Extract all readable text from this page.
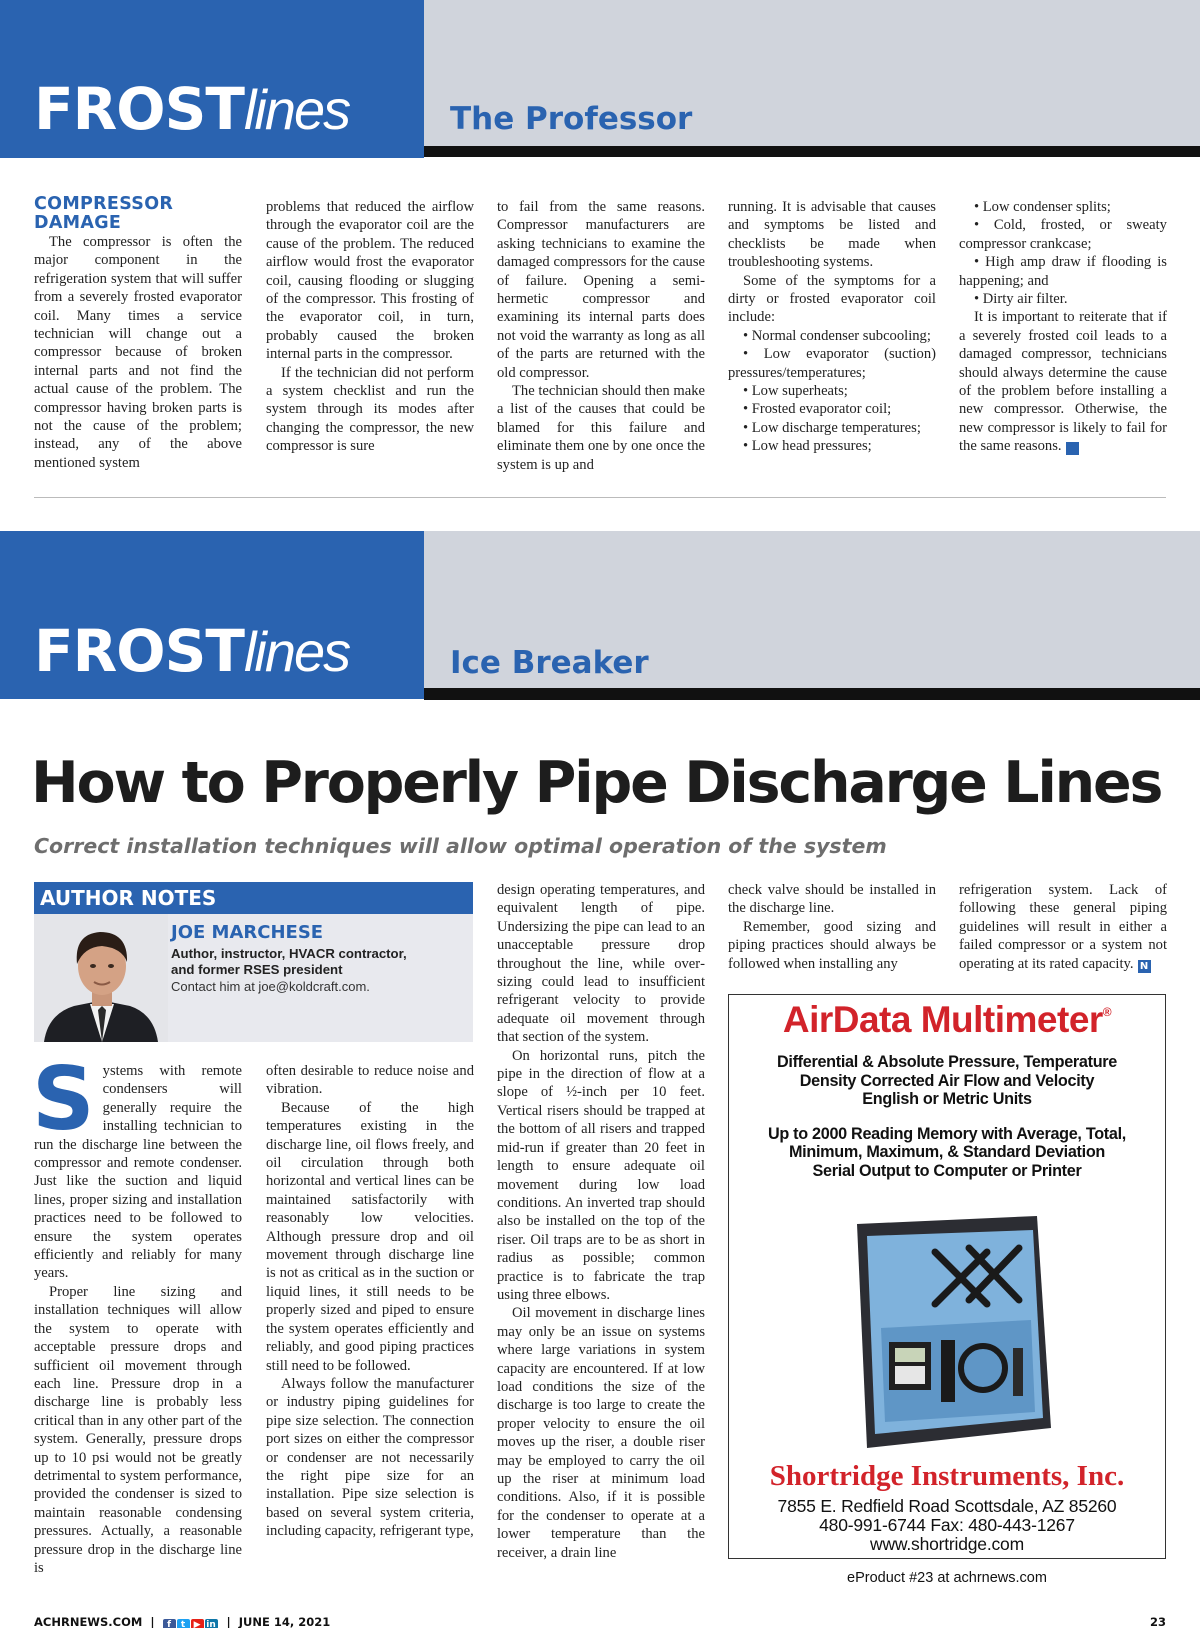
FROSTlines	The Professor
COMPRESSOR DAMAGE

The compressor is often the major component in the refrigeration system that will suffer from a severely frosted evaporator coil. Many times a service technician will change out a compressor because of broken internal parts and not find the actual cause of the problem. The compressor having broken parts is not the cause of the problem; instead, any of the above mentioned system

problems that reduced the airflow through the evaporator coil are the cause of the problem. The reduced airflow would frost the evaporator coil, causing flooding or slugging of the compressor. This frosting of the evaporator coil, in turn, probably caused the broken internal parts in the compressor.

If the technician did not perform a system checklist and run the system through its modes after changing the compressor, the new compressor is sure

to fail from the same reasons. Compressor manufacturers are asking technicians to examine the damaged compressors for the cause of failure. Opening a semi-hermetic compressor and examining its internal parts does not void the warranty as long as all of the parts are returned with the old compressor.

The technician should then make a list of the causes that could be blamed for this failure and eliminate them one by one once the system is up and

running. It is advisable that causes and symptoms be listed and checklists be made when troubleshooting systems.

Some of the symptoms for a dirty or frosted evaporator coil include:

• Normal condenser subcooling;

• Low evaporator (suction) pressures/temperatures;

• Low superheats;

• Frosted evaporator coil;

• Low discharge temperatures;

• Low head pressures;

• Low condenser splits;

• Cold, frosted, or sweaty compressor crankcase;

• High amp draw if flooding is happening; and

• Dirty air filter.

It is important to reiterate that if a severely frosted coil leads to a damaged compressor, technicians should always determine the cause of the problem before installing a new compressor. Otherwise, the new compressor is likely to fail for the same reasons. N

FROSTlines	Ice Breaker
How to Properly Pipe Discharge Lines
Correct installation techniques will allow optimal operation of the system
AUTHOR NOTES
JOE MARCHESE
Author, instructor, HVACR contractor,
and former RSES president
Contact him at joe@koldcraft.com.

Systems with remote condensers will generally require the installing technician to run the discharge line between the compressor and remote condenser. Just like the suction and liquid lines, proper sizing and installation practices need to be followed to ensure the system operates efficiently and reliably for many years.

Proper line sizing and installation techniques will allow the system to operate with acceptable pressure drops and sufficient oil movement through each line. Pressure drop in a discharge line is probably less critical than in any other part of the system. Generally, pressure drops up to 10 psi would not be greatly detrimental to system performance, provided the condenser is sized to maintain reasonable condensing pressures. Actually, a reasonable pressure drop in the discharge line is

often desirable to reduce noise and vibration.

Because of the high temperatures existing in the discharge line, oil flows freely, and oil circulation through both horizontal and vertical lines can be maintained satisfactorily with reasonably low velocities. Although pressure drop and oil movement through discharge line is not as critical as in the suction or liquid lines, it still needs to be properly sized and piped to ensure the system operates efficiently and reliably, and good piping practices still need to be followed.

Always follow the manufacturer or industry piping guidelines for pipe size selection. The connection port sizes on either the compressor or condenser are not necessarily the right pipe size for an installation. Pipe size selection is based on several system criteria, including capacity, refrigerant type,

design operating temperatures, and equivalent length of pipe. Undersizing the pipe can lead to an unacceptable pressure drop throughout the line, while oversizing could lead to insufficient refrigerant velocity to provide adequate oil movement through that section of the system.

On horizontal runs, pitch the pipe in the direction of flow at a slope of ½-inch per 10 feet. Vertical risers should be trapped at the bottom of all risers and trapped mid-run if greater than 20 feet in length to ensure adequate oil movement during low load conditions. An inverted trap should also be installed on the top of the riser. Oil traps are to be as short in radius as possible; common practice is to fabricate the trap using three elbows.

Oil movement in discharge lines may only be an issue on systems where large variations in system capacity are encountered. If at low load conditions the size of the discharge is too large to create the proper velocity to ensure the oil moves up the riser, a double riser may be employed to carry the oil up the riser at minimum load conditions. Also, if it is possible for the condenser to operate at a lower temperature than the receiver, a drain line

check valve should be installed in the discharge line.

Remember, good sizing and piping practices should always be followed when installing any

refrigeration system. Lack of following these general piping guidelines will result in either a failed compressor or a system not operating at its rated capacity. N

AirData Multimeter®
Differential & Absolute Pressure, Temperature
Density Corrected Air Flow and Velocity
English or Metric Units
Up to 2000 Reading Memory with Average, Total,
Minimum, Maximum, & Standard Deviation
Serial Output to Computer or Printer
Shortridge Instruments, Inc.
7855 E. Redfield Road Scottsdale, AZ 85260
480-991-6744 Fax: 480-443-1267
www.shortridge.com
eProduct #23 at achrnews.com
ACHRNEWS.COM | f t ▶ in | JUNE 14, 2021	23
